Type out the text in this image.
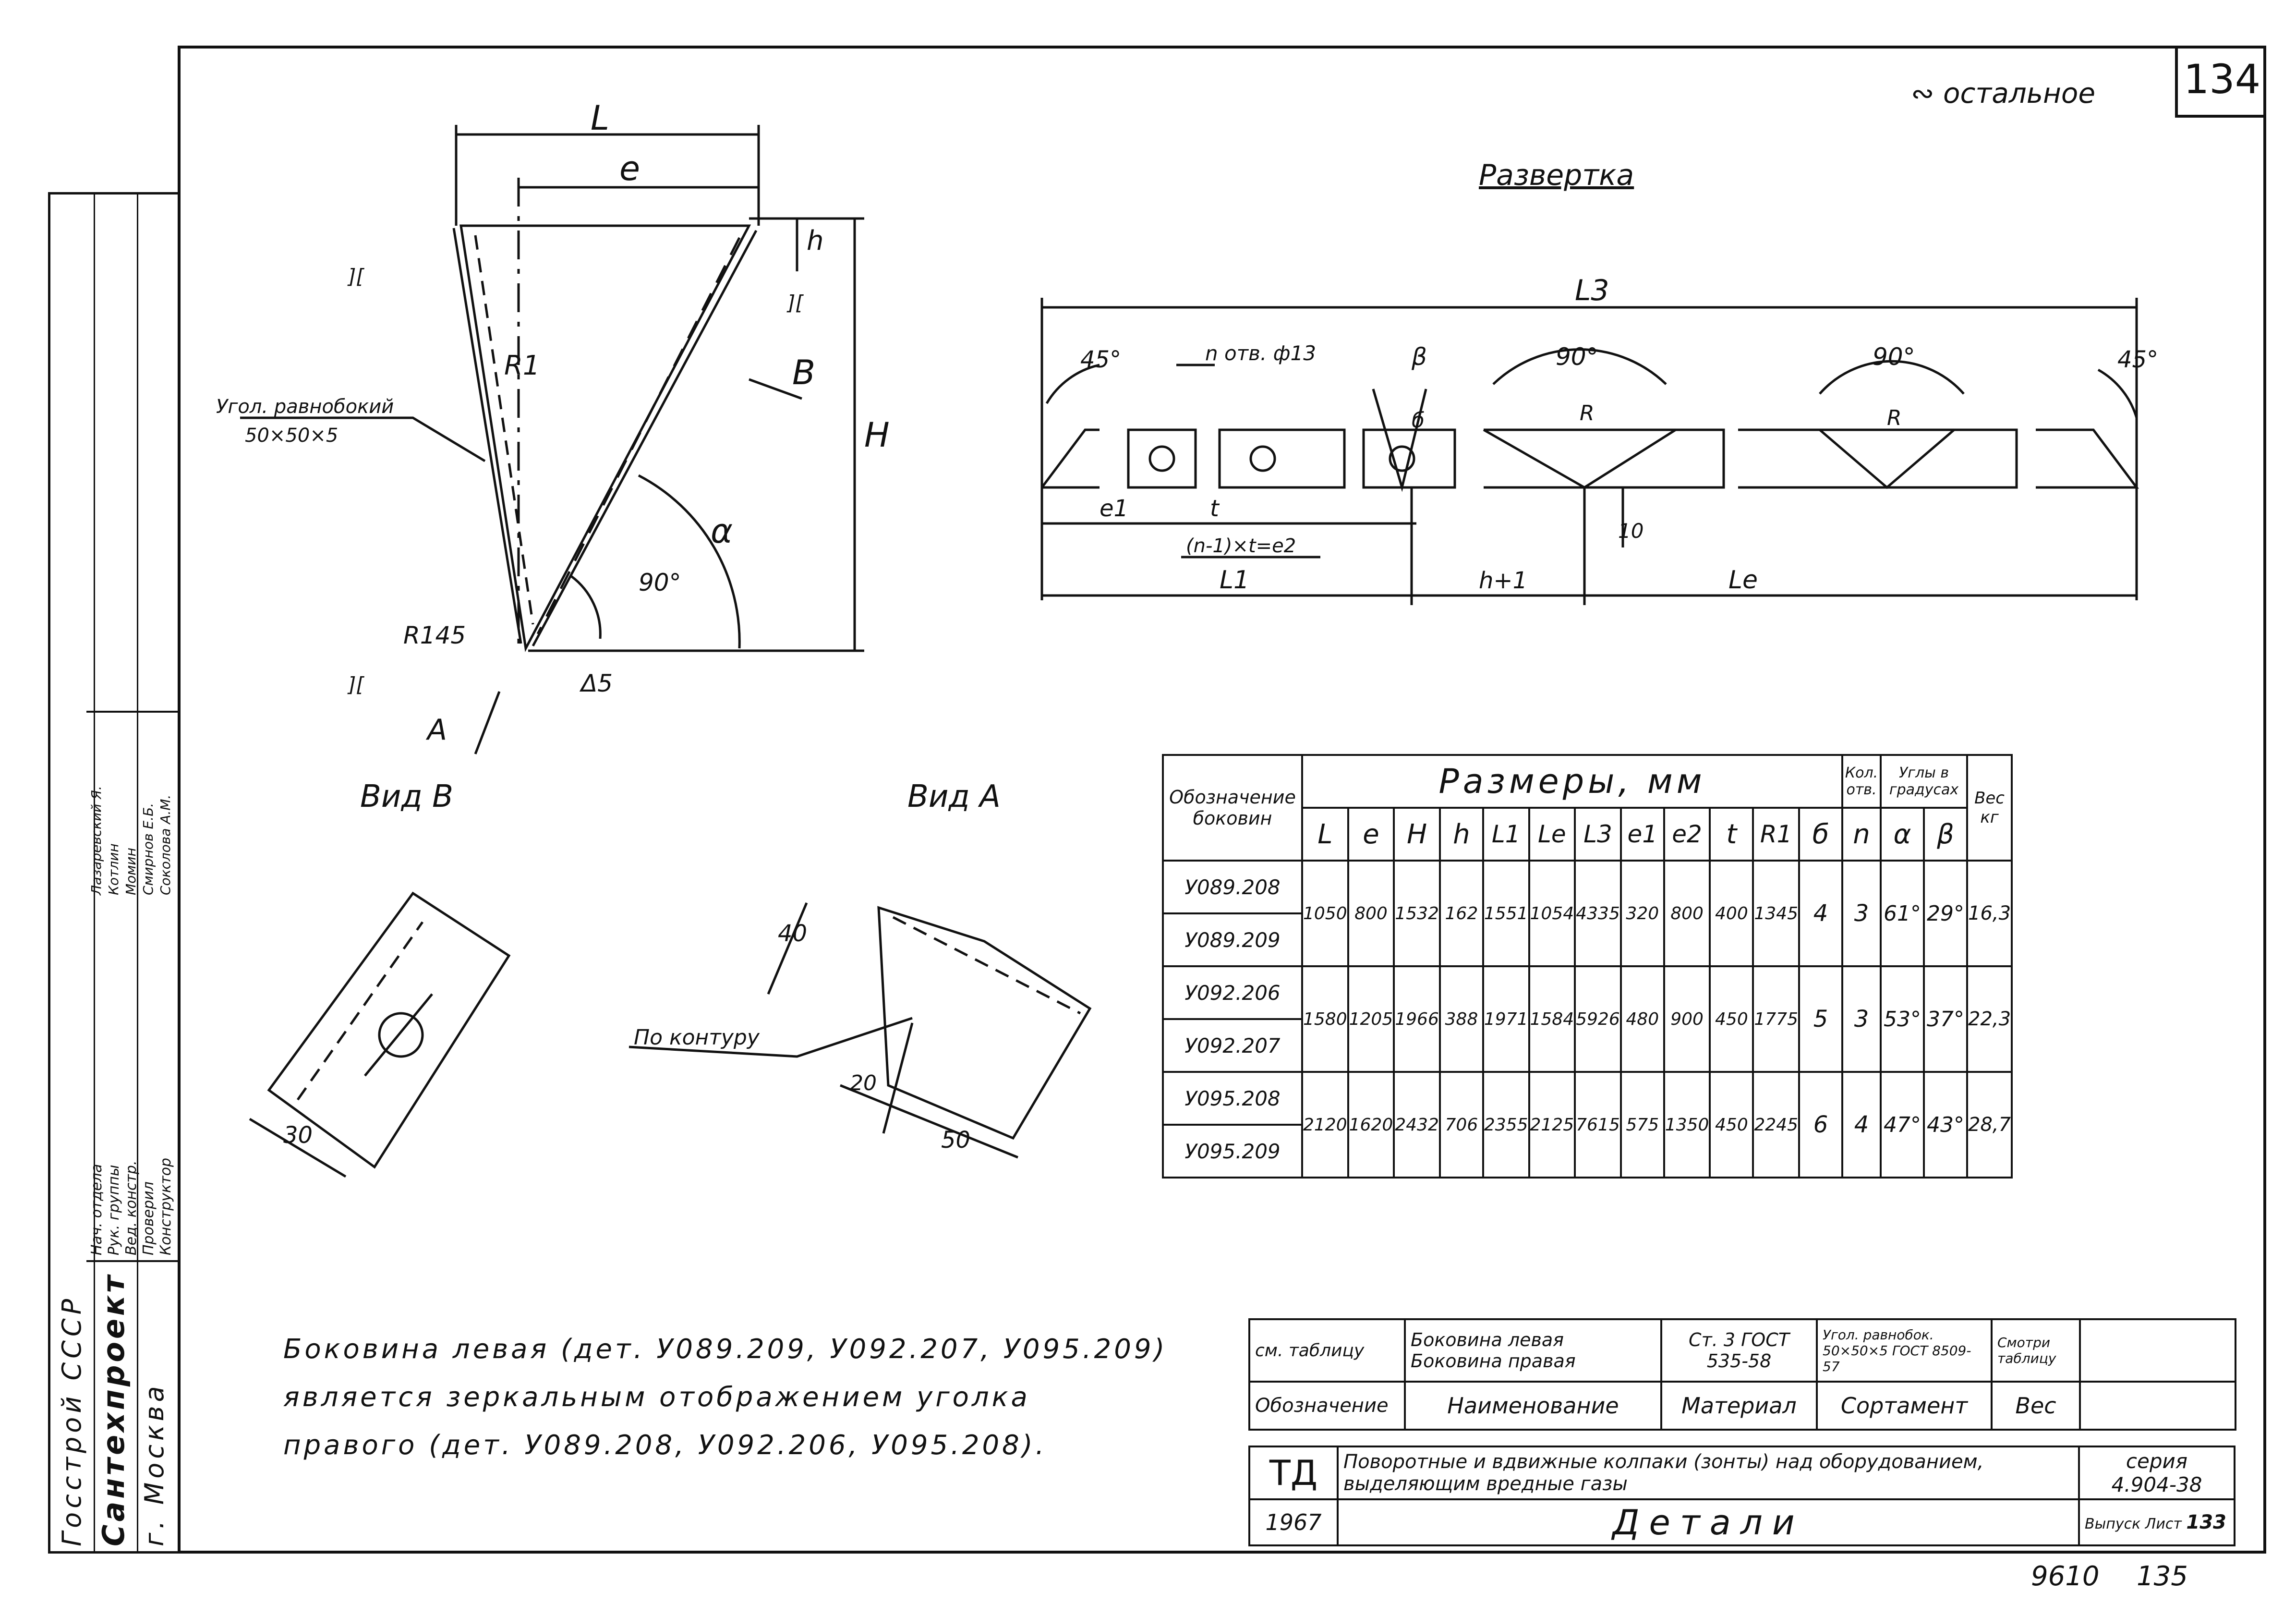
134
∾ остальное
Госстрой СССР Сантехпроект г. Москва
Нач. отдела Рук. группы Вед. констр. Проверил Конструктор
Лазаревский Я. Котлин Момин Смирнов Е.Б. Соколова А.М.
L
e
h
H
R1
α
90°
R145
Δ5
A
B
Угол. равнобокий
50×50×5
][
][
][
Вид В	Вид А
40
20
50
30
По контуру
Развертка
L3
45°	45°
n отв. ф13	β	90°	90°
б	R	R
e1	t
(n-1)×t=e2
10
L1	h+1	Le
Обозначение боковин	Размеры, мм												Кол. отв.	Углы в градусах		Вес кг
	L	e	H	h	L1	Le	L3	e1	e2	t	R1	б	n	α	β	
У089.208	1050	800	1532	162	1551	1054	4335	320	800	400	1345	4	3	61°	29°	16,3
У089.209																
У092.206	1580	1205	1966	388	1971	1584	5926	480	900	450	1775	5	3	53°	37°	22,3
У092.207																
У095.208	2120	1620	2432	706	2355	2125	7615	575	1350	450	2245	6	4	47°	43°	28,7
У095.209																
Боковина левая (дет. У089.209, У092.207, У095.209)
является зеркальным отображением уголка
правого (дет. У089.208, У092.206, У095.208).
см. таблицу	Боковина левая Боковина правая	Ст. 3 ГОСТ 535-58	Угол. равнобок. 50×50×5 ГОСТ 8509-57	Смотри таблицу	
Обозначение	Наименование	Материал	Сортамент	Вес	
ТД	Поворотные и вдвижные колпаки (зонты) над оборудованием, выделяющим вредные газы	серия
4.904-38

1967	Детали	Выпуск Лист 133
9610 135
